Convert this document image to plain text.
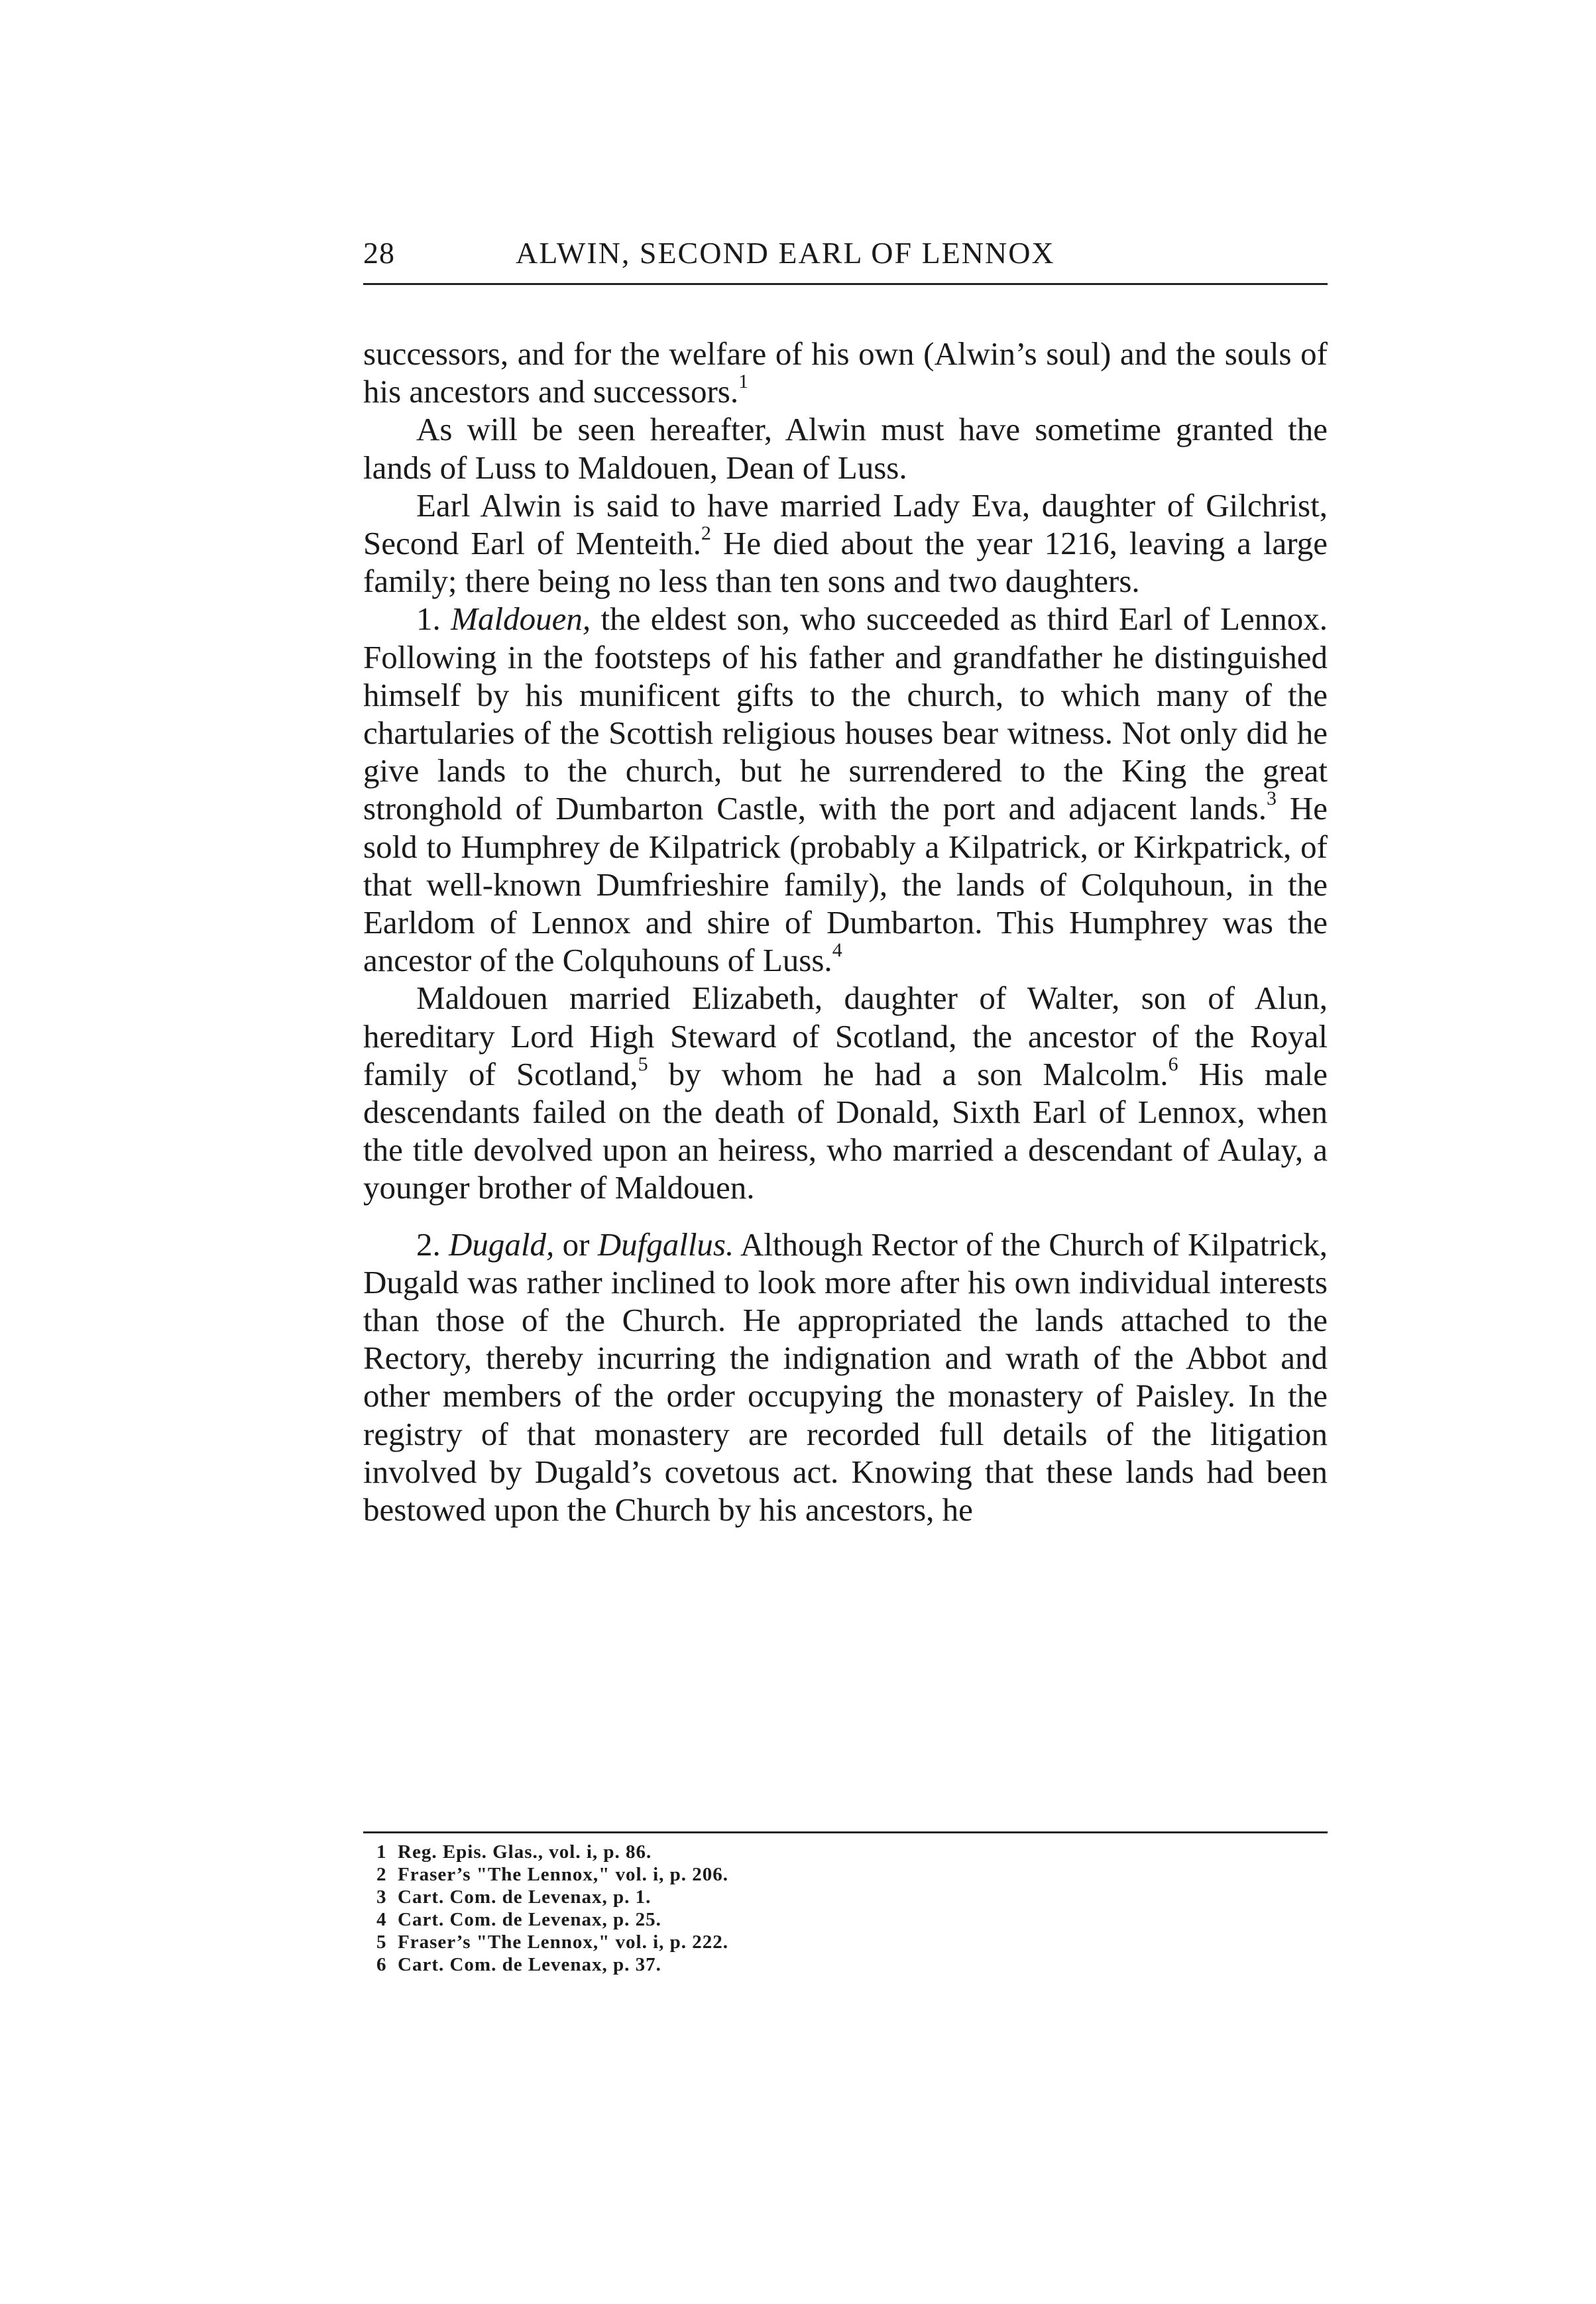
28	ALWIN, SECOND EARL OF LENNOX

successors, and for the welfare of his own (Alwin’s soul) and the souls of his ancestors and successors.$^1$

As will be seen hereafter, Alwin must have sometime granted the lands of Luss to Maldouen, Dean of Luss.

Earl Alwin is said to have married Lady Eva, daughter of Gilchrist, Second Earl of Menteith.$^2$ He died about the year 1216, leaving a large family; there being no less than ten sons and two daughters.

1. Maldouen, the eldest son, who succeeded as third Earl of Lennox. Following in the footsteps of his father and grandfather he distinguished himself by his munificent gifts to the church, to which many of the chartularies of the Scottish religious houses bear witness. Not only did he give lands to the church, but he surrendered to the King the great stronghold of Dumbarton Castle, with the port and adjacent lands.$^3$ He sold to Humphrey de Kilpatrick (probably a Kilpatrick, or Kirkpatrick, of that well-known Dumfrieshire family), the lands of Colquhoun, in the Earldom of Lennox and shire of Dumbarton. This Humphrey was the ancestor of the Colquhouns of Luss.$^4$

Maldouen married Elizabeth, daughter of Walter, son of Alun, hereditary Lord High Steward of Scotland, the ancestor of the Royal family of Scotland,$^5$ by whom he had a son Malcolm.$^6$ His male descendants failed on the death of Donald, Sixth Earl of Lennox, when the title devolved upon an heiress, who married a descendant of Aulay, a younger brother of Maldouen.

2. Dugald, or Dufgallus. Although Rector of the Church of Kilpatrick, Dugald was rather inclined to look more after his own individual interests than those of the Church. He appropriated the lands attached to the Rectory, thereby incurring the indignation and wrath of the Abbot and other members of the order occupying the monastery of Paisley. In the registry of that monastery are recorded full details of the litigation involved by Dugald’s covetous act. Knowing that these lands had been bestowed upon the Church by his ancestors, he

1 Reg. Epis. Glas., vol. i, p. 86.

2 Fraser’s "The Lennox," vol. i, p. 206.

3 Cart. Com. de Levenax, p. 1.

4 Cart. Com. de Levenax, p. 25.

5 Fraser’s "The Lennox," vol. i, p. 222.

6 Cart. Com. de Levenax, p. 37.
